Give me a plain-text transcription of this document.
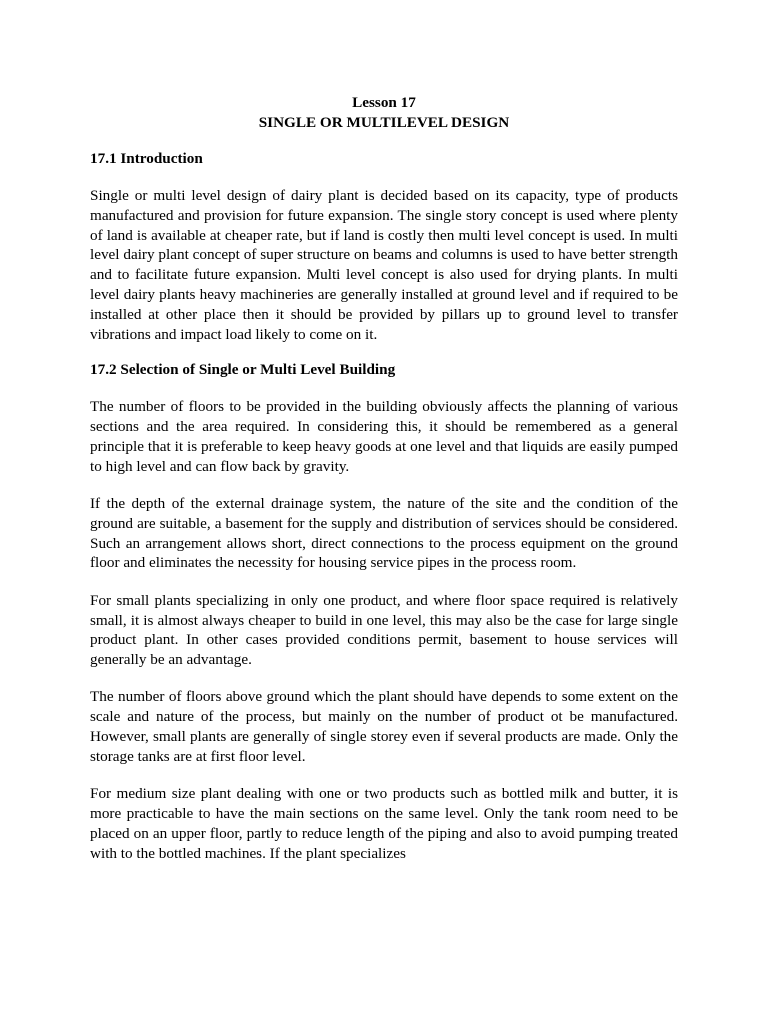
Lesson 17
SINGLE OR MULTILEVEL DESIGN
17.1 Introduction

Single or multi level design of dairy plant is decided based on its capacity, type of products manufactured and provision for future expansion. The single story concept is used where plenty of land is available at cheaper rate, but if land is costly then multi level concept is used. In multi level dairy plant concept of super structure on beams and columns is used to have better strength and to facilitate future expansion. Multi level concept is also used for drying plants. In multi level dairy plants heavy machineries are generally installed at ground level and if required to be installed at other place then it should be provided by pillars up to ground level to transfer vibrations and impact load likely to come on it.

17.2 Selection of Single or Multi Level Building

The number of floors to be provided in the building obviously affects the planning of various sections and the area required. In considering this, it should be remembered as a general principle that it is preferable to keep heavy goods at one level and that liquids are easily pumped to high level and can flow back by gravity.

If the depth of the external drainage system, the nature of the site and the condition of the ground are suitable, a basement for the supply and distribution of services should be considered. Such an arrangement allows short, direct connections to the process equipment on the ground floor and eliminates the necessity for housing service pipes in the process room.

For small plants specializing in only one product, and where floor space required is relatively small, it is almost always cheaper to build in one level, this may also be the case for large single product plant. In other cases provided conditions permit, basement to house services will generally be an advantage.

The number of floors above ground which the plant should have depends to some extent on the scale and nature of the process, but mainly on the number of product ot be manufactured. However, small plants are generally of single storey even if several products are made. Only the storage tanks are at first floor level.

For medium size plant dealing with one or two products such as bottled milk and butter, it is more practicable to have the main sections on the same level. Only the tank room need to be placed on an upper floor, partly to reduce length of the piping and also to avoid pumping treated with to the bottled machines. If the plant specializes
